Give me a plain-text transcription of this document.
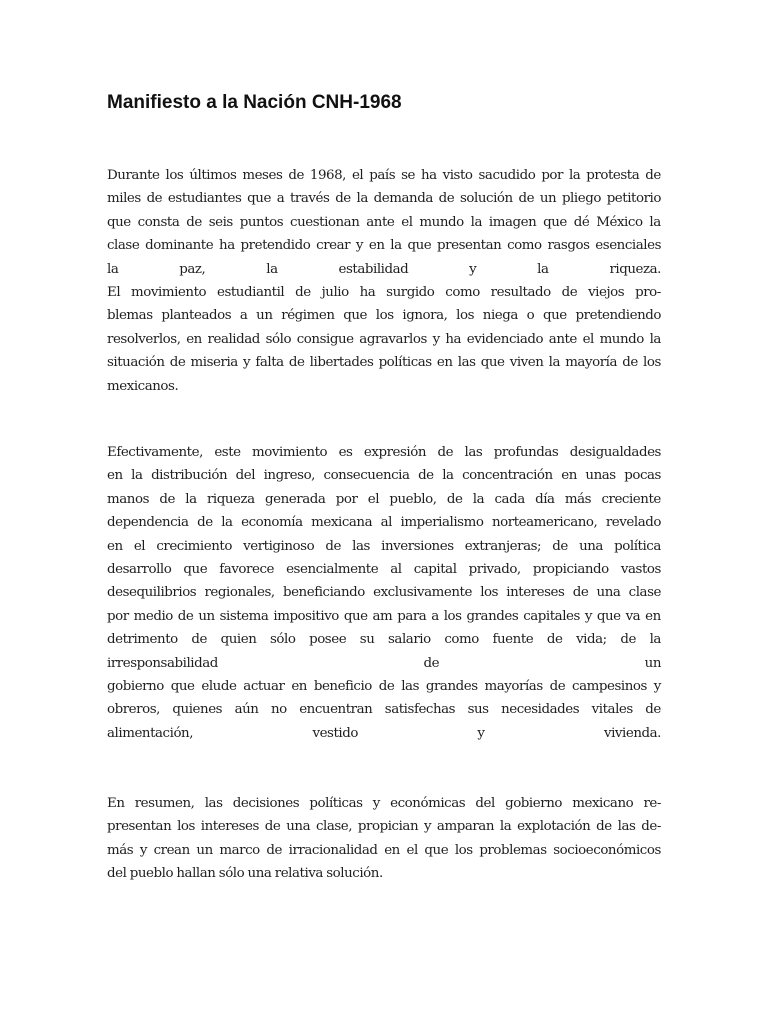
Manifiesto a la Nación CNH-1968
Durante los últimos meses de 1968, el país se ha visto sacudido por la protesta de
miles de estudiantes que a través de la demanda de solución de un pliego petitorio
que consta de seis puntos cuestionan ante el mundo la imagen que dé México la
clase dominante ha pretendido crear y en la que presentan como rasgos esenciales
la	paz,	la	estabilidad	y	la	riqueza.
El movimiento estudiantil de julio ha surgido como resultado de viejos pro-
blemas planteados a un régimen que los ignora, los niega o que pretendiendo
resolverlos, en realidad sólo consigue agravarlos y ha evidenciado ante el mundo la
situación de miseria y falta de libertades políticas en las que viven la mayoría de los
mexicanos.
Efectivamente, este movimiento es expresión de las profundas desigualdades
en la distribución del ingreso, consecuencia de la concentración en unas pocas
manos de la riqueza generada por el pueblo, de la cada día más creciente
dependencia de la economía mexicana al imperialismo norteamericano, revelado
en el crecimiento vertiginoso de las inversiones extranjeras; de una política
desarrollo que favorece esencialmente al capital privado, propiciando vastos
desequilibrios regionales, beneficiando exclusivamente los intereses de una clase
por medio de un sistema impositivo que am para a los grandes capitales y que va en
detrimento de quien sólo posee su salario como fuente de vida; de la
irresponsabilidad	de	un
gobierno que elude actuar en beneficio de las grandes mayorías de campesinos y
obreros, quienes aún no encuentran satisfechas sus necesidades vitales de
alimentación,	vestido	y	vivienda.
En resumen, las decisiones políticas y económicas del gobierno mexicano re-
presentan los intereses de una clase, propician y amparan la explotación de las de-
más y crean un marco de irracionalidad en el que los problemas socioeconómicos
del pueblo hallan sólo una relativa solución.
